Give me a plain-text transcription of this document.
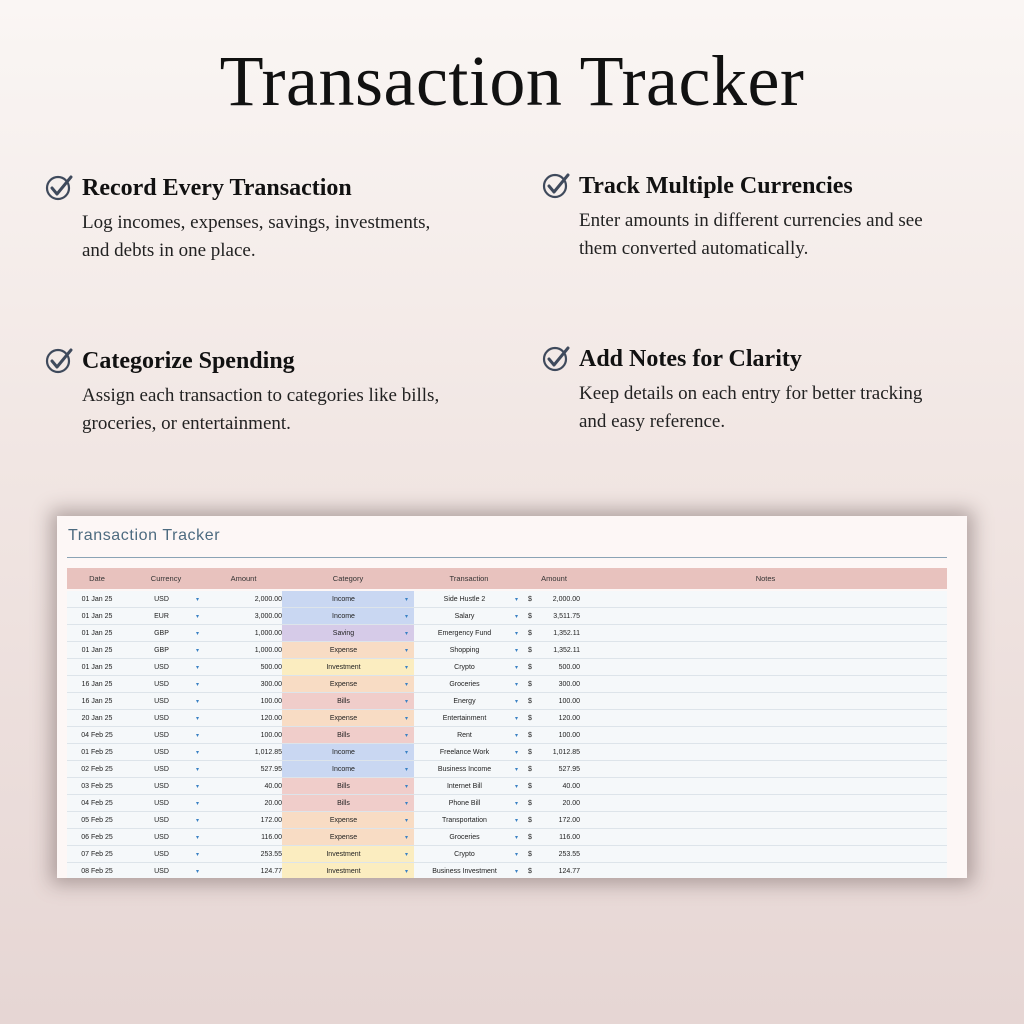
Transaction Tracker
Record Every Transaction
Log incomes, expenses, savings, investments, and debts in one place.
Track Multiple Currencies
Enter amounts in different currencies and see them converted automatically.
Categorize Spending
Assign each transaction to categories like bills, groceries, or entertainment.
Add Notes for Clarity
Keep details on each entry for better tracking and easy reference.
Transaction Tracker
Date	Currency	Amount	Category	Transaction	Amount	Notes

01 Jan 25	USD ▾	2,000.00	Income ▾	Side Hustle 2 ▾	$ 2,000.00	

01 Jan 25	EUR ▾	3,000.00	Income ▾	Salary ▾	$ 3,511.75	

01 Jan 25	GBP ▾	1,000.00	Saving ▾	Emergency Fund ▾	$ 1,352.11	

01 Jan 25	GBP ▾	1,000.00	Expense ▾	Shopping ▾	$ 1,352.11	

01 Jan 25	USD ▾	500.00	Investment ▾	Crypto ▾	$ 500.00	

16 Jan 25	USD ▾	300.00	Expense ▾	Groceries ▾	$ 300.00	

16 Jan 25	USD ▾	100.00	Bills ▾	Energy ▾	$ 100.00	

20 Jan 25	USD ▾	120.00	Expense ▾	Entertainment ▾	$ 120.00	

04 Feb 25	USD ▾	100.00	Bills ▾	Rent ▾	$ 100.00	

01 Feb 25	USD ▾	1,012.85	Income ▾	Freelance Work ▾	$ 1,012.85	

02 Feb 25	USD ▾	527.95	Income ▾	Business Income ▾	$ 527.95	

03 Feb 25	USD ▾	40.00	Bills ▾	Internet Bill ▾	$ 40.00	

04 Feb 25	USD ▾	20.00	Bills ▾	Phone Bill ▾	$ 20.00	

05 Feb 25	USD ▾	172.00	Expense ▾	Transportation ▾	$ 172.00	

06 Feb 25	USD ▾	116.00	Expense ▾	Groceries ▾	$ 116.00	

07 Feb 25	USD ▾	253.55	Investment ▾	Crypto ▾	$ 253.55	

08 Feb 25	USD ▾	124.77	Investment ▾	Business Investment ▾	$ 124.77	
